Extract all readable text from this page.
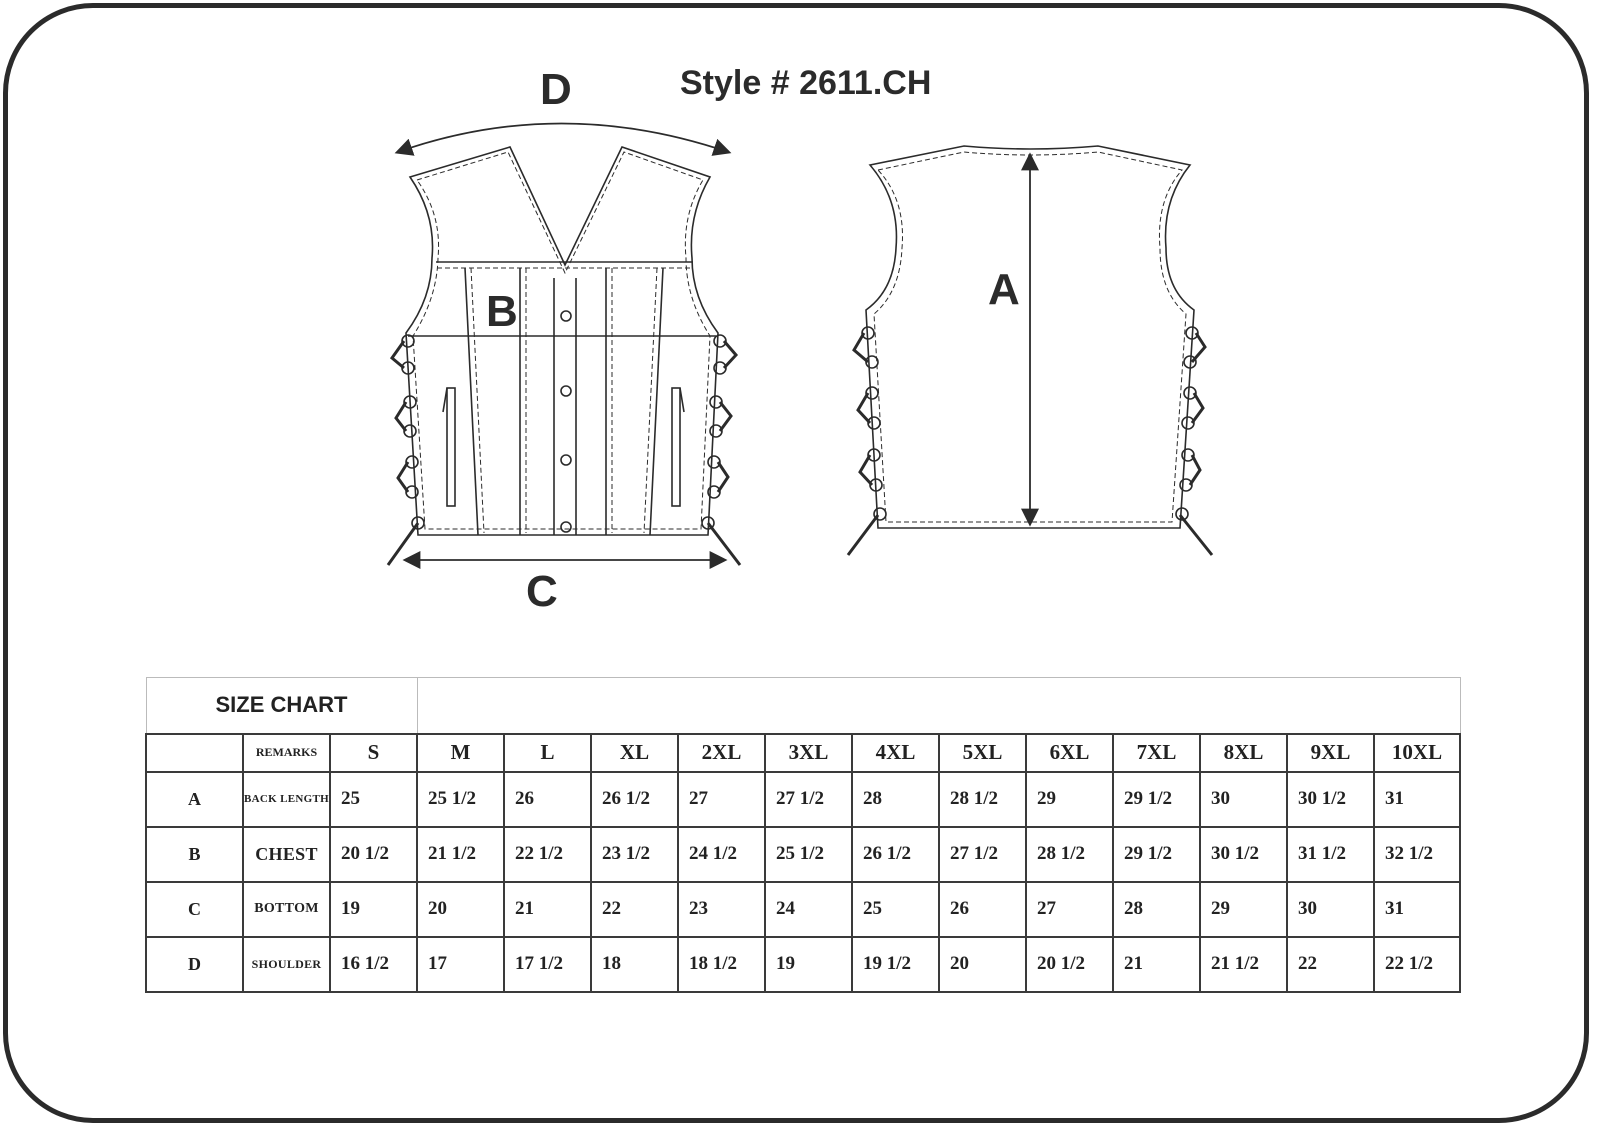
Style # 2611.CH
D
B
C
A
SIZE CHART														
	REMARKS	S	M	L	XL	2XL	3XL	4XL	5XL	6XL	7XL	8XL	9XL	10XL
A	BACK LENGTH	25	25 1/2	26	26 1/2	27	27 1/2	28	28 1/2	29	29 1/2	30	30 1/2	31
B	CHEST	20 1/2	21 1/2	22 1/2	23 1/2	24 1/2	25 1/2	26 1/2	27 1/2	28 1/2	29 1/2	30 1/2	31 1/2	32 1/2
C	BOTTOM	19	20	21	22	23	24	25	26	27	28	29	30	31
D	SHOULDER	16 1/2	17	17 1/2	18	18 1/2	19	19 1/2	20	20 1/2	21	21 1/2	22	22 1/2
